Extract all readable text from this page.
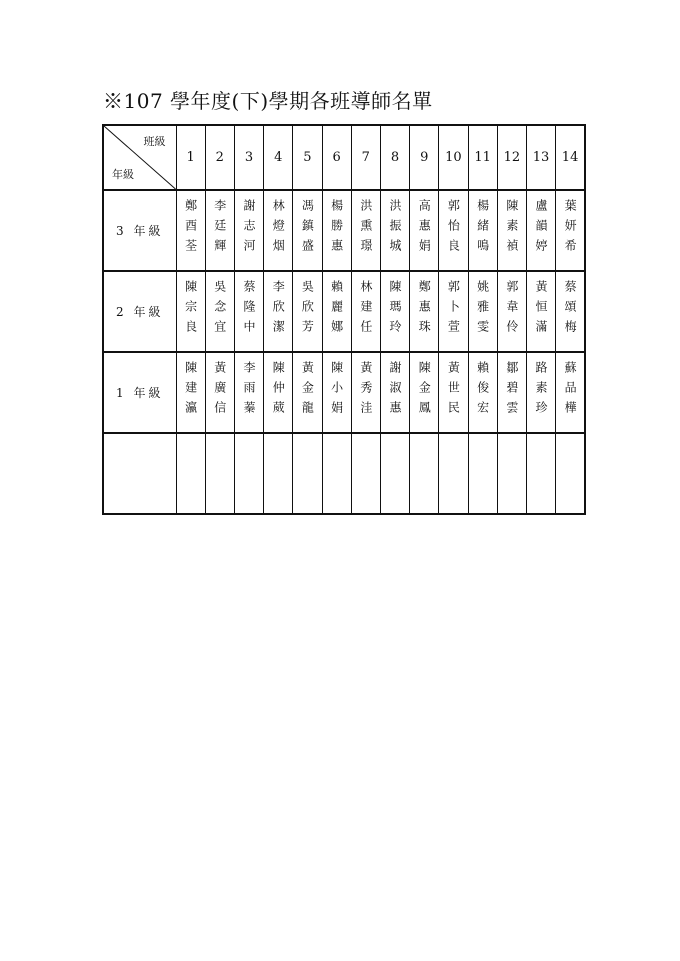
※107 學年度(下)學期各班導師名單
班級
年級	1	2	3	4	5	6	7	8	9	10	11	12	13	14
3 年級	鄭酉荃	李廷輝	謝志河	林燈烟	馮鎮盛	楊勝惠	洪熏璟	洪振城	高惠娟	郭怡良	楊緒鳴	陳素禎	盧韻婷	葉妍希
2 年級	陳宗良	吳念宜	蔡隆中	李欣潔	吳欣芳	賴麗娜	林建任	陳瑪玲	鄭惠珠	郭卜萱	姚雅雯	郭韋伶	黃恒滿	蔡頌梅
1 年級	陳建瀛	黃廣信	李雨蓁	陳仲葳	黃金龍	陳小娟	黃秀洼	謝淑惠	陳金鳳	黃世民	賴俊宏	鄒碧雲	路素珍	蘇品樺
